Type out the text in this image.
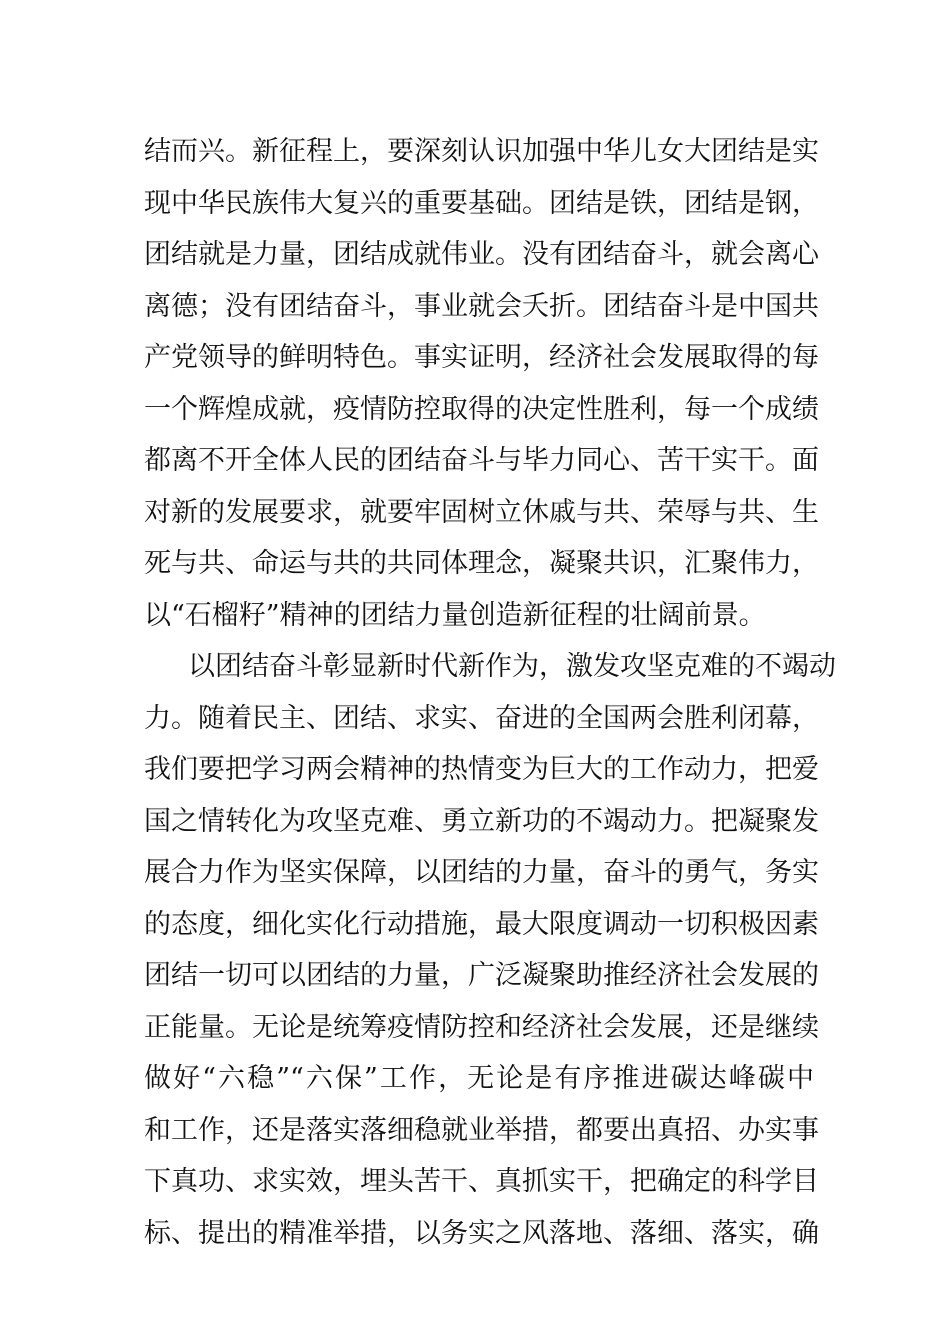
结而兴。新征程上，要深刻认识加强中华儿女大团结是实
现中华民族伟大复兴的重要基础。团结是铁，团结是钢，
团结就是力量，团结成就伟业。没有团结奋斗，就会离心
离德；没有团结奋斗，事业就会夭折。团结奋斗是中国共
产党领导的鲜明特色。事实证明，经济社会发展取得的每
一个辉煌成就，疫情防控取得的决定性胜利，每一个成绩
都离不开全体人民的团结奋斗与毕力同心、苦干实干。面
对新的发展要求，就要牢固树立休戚与共、荣辱与共、生
死与共、命运与共的共同体理念，凝聚共识，汇聚伟力，
以“石榴籽”精神的团结力量创造新征程的壮阔前景。
以团结奋斗彰显新时代新作为，激发攻坚克难的不竭动
力。随着民主、团结、求实、奋进的全国两会胜利闭幕，
我们要把学习两会精神的热情变为巨大的工作动力，把爱
国之情转化为攻坚克难、勇立新功的不竭动力。把凝聚发
展合力作为坚实保障，以团结的力量，奋斗的勇气，务实
的态度，细化实化行动措施，最大限度调动一切积极因素
团结一切可以团结的力量，广泛凝聚助推经济社会发展的
正能量。无论是统筹疫情防控和经济社会发展，还是继续
做好“六稳”“六保”工作，无论是有序推进碳达峰碳中
和工作，还是落实落细稳就业举措，都要出真招、办实事
下真功、求实效，埋头苦干、真抓实干，把确定的科学目
标、提出的精准举措，以务实之风落地、落细、落实，确
